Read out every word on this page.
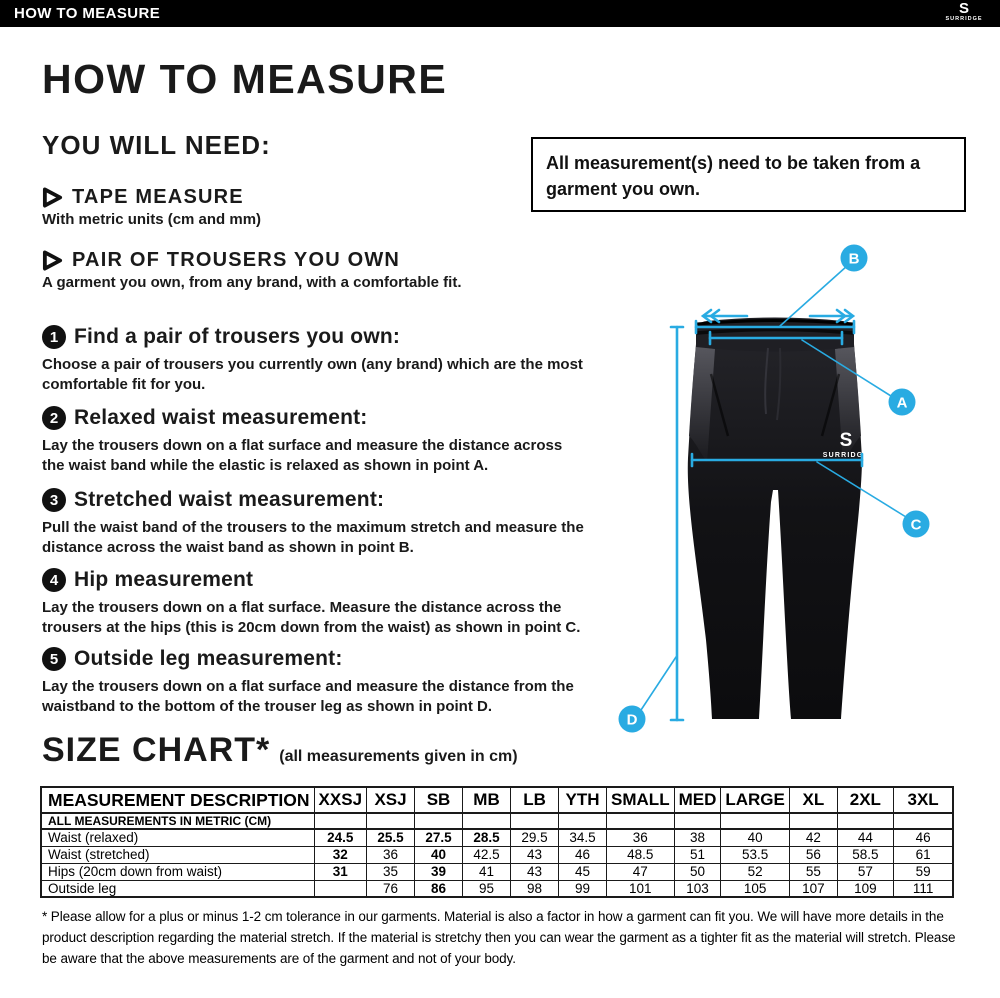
HOW TO MEASURE	S
SURRIDGE
HOW TO MEASURE
All measurement(s) need to be taken from a garment you own.
YOU WILL NEED:
TAPE MEASURE
With metric units (cm and mm)
PAIR OF TROUSERS YOU OWN
A garment you own, from any brand, with a comfortable fit.
1 Find a pair of trousers you own:
Choose a pair of trousers you currently own (any brand) which are the most comfortable fit for you.
2 Relaxed waist measurement:
Lay the trousers down on a flat surface and measure the distance across the waist band while the elastic is relaxed as shown in point A.
3 Stretched waist measurement:
Pull the waist band of the trousers to the maximum stretch and measure the distance across the waist band as shown in point B.
4 Hip measurement
Lay the trousers down on a flat surface. Measure the distance across the trousers at the hips (this is 20cm down from the waist) as shown in point C.
5 Outside leg measurement:
Lay the trousers down on a flat surface and measure the distance from the waistband to the bottom of the trouser leg as shown in point D.
S
SURRIDGE
A
B
C
D
SIZE CHART* (all measurements given in cm)
MEASUREMENT DESCRIPTION	XXSJ	XSJ	SB	MB	LB	YTH	SMALL	MED	LARGE	XL	2XL	3XL
ALL MEASUREMENTS IN METRIC (CM)												
Waist (relaxed)	24.5	25.5	27.5	28.5	29.5	34.5	36	38	40	42	44	46
Waist (stretched)	32	36	40	42.5	43	46	48.5	51	53.5	56	58.5	61
Hips (20cm down from waist)	31	35	39	41	43	45	47	50	52	55	57	59
Outside leg		76	86	95	98	99	101	103	105	107	109	111

* Please allow for a plus or minus 1-2 cm tolerance in our garments. Material is also a factor in how a garment can fit you. We will have more details in the product description regarding the material stretch. If the material is stretchy then you can wear the garment as a tighter fit as the material will stretch. Please be aware that the above measurements are of the garment and not of your body.
